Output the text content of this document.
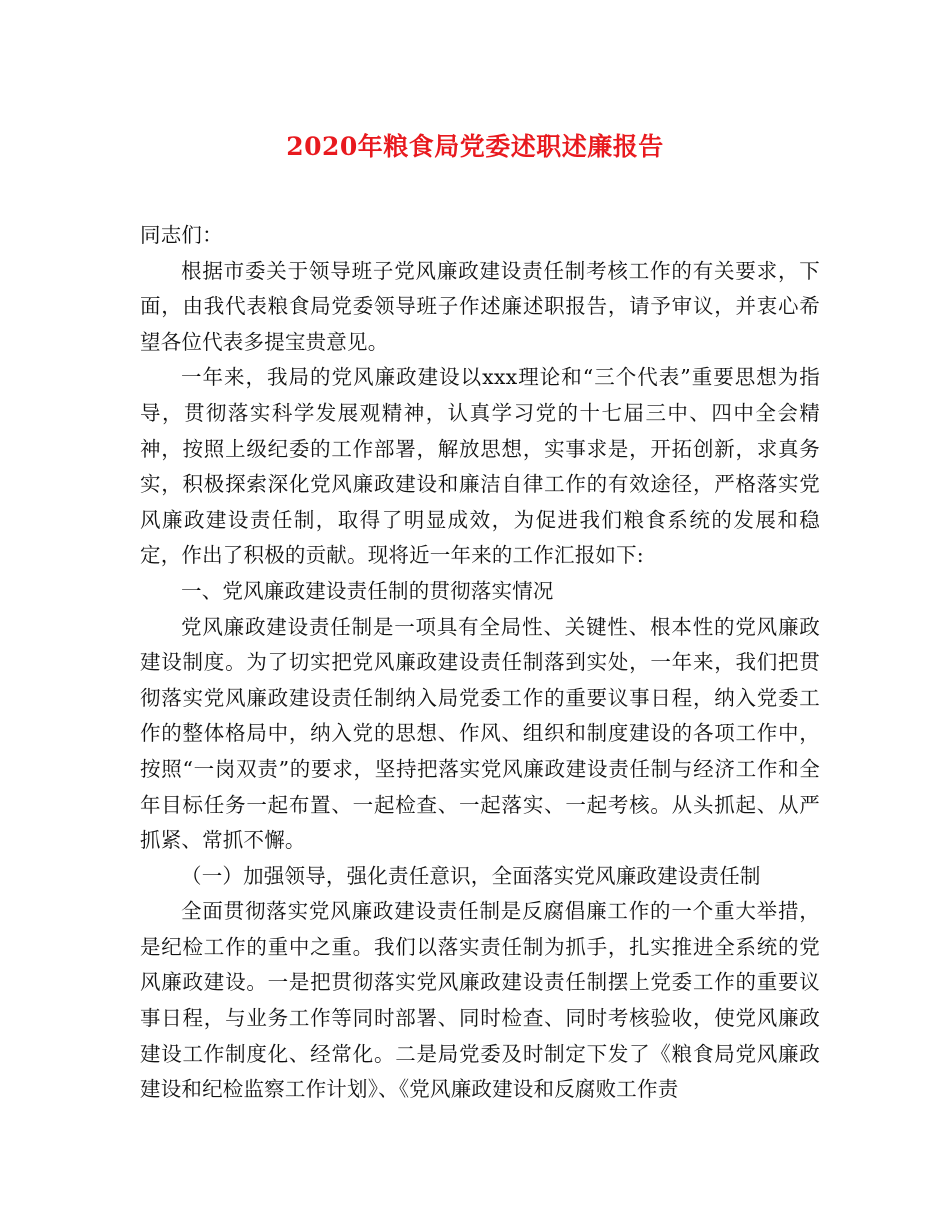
2020年粮食局党委述职述廉报告

同志们：

根据市委关于领导班子党风廉政建设责任制考核工作的有关要求，下面，由我代表粮食局党委领导班子作述廉述职报告，请予审议，并衷心希望各位代表多提宝贵意见。

一年来，我局的党风廉政建设以xxx理论和“三个代表”重要思想为指导，贯彻落实科学发展观精神，认真学习党的十七届三中、四中全会精神，按照上级纪委的工作部署，解放思想，实事求是，开拓创新，求真务实，积极探索深化党风廉政建设和廉洁自律工作的有效途径，严格落实党风廉政建设责任制，取得了明显成效，为促进我们粮食系统的发展和稳定，作出了积极的贡献。现将近一年来的工作汇报如下:

一、党风廉政建设责任制的贯彻落实情况

党风廉政建设责任制是一项具有全局性、关键性、根本性的党风廉政建设制度。为了切实把党风廉政建设责任制落到实处，一年来，我们把贯彻落实党风廉政建设责任制纳入局党委工作的重要议事日程，纳入党委工作的整体格局中，纳入党的思想、作风、组织和制度建设的各项工作中，按照“一岗双责”的要求，坚持把落实党风廉政建设责任制与经济工作和全年目标任务一起布置、一起检查、一起落实、一起考核。从头抓起、从严抓紧、常抓不懈。

（一）加强领导，强化责任意识，全面落实党风廉政建设责任制

全面贯彻落实党风廉政建设责任制是反腐倡廉工作的一个重大举措，是纪检工作的重中之重。我们以落实责任制为抓手，扎实推进全系统的党风廉政建设。一是把贯彻落实党风廉政建设责任制摆上党委工作的重要议事日程，与业务工作等同时部署、同时检查、同时考核验收，使党风廉政建设工作制度化、经常化。二是局党委及时制定下发了《粮食局党风廉政建设和纪检监察工作计划》、《党风廉政建设和反腐败工作责
